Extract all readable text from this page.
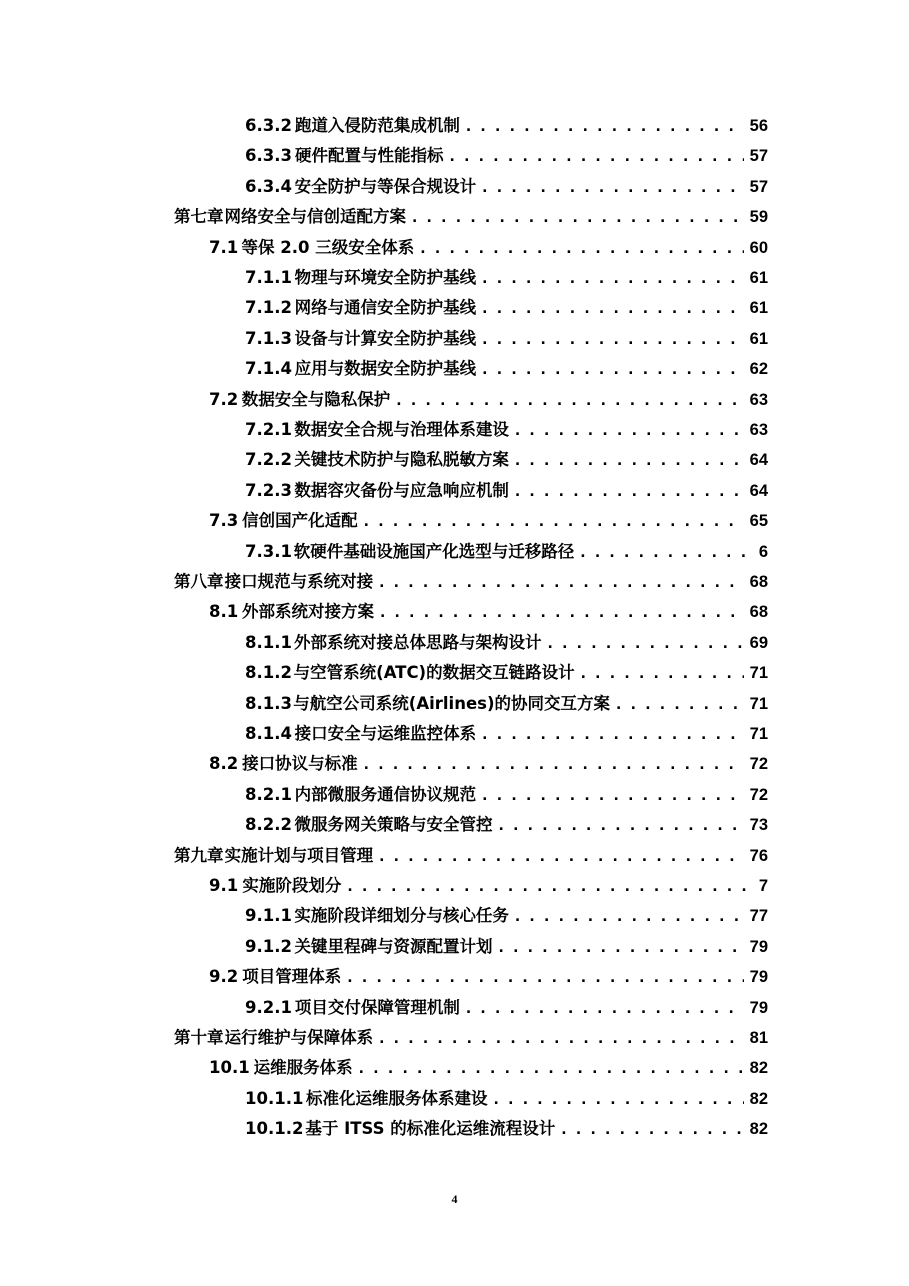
6.3.2 跑道入侵防范集成机制 . . .	56
6.3.3 硬件配置与性能指标 . . .	57
6.3.4 安全防护与等保合规设计 . . .	57
第七章 网络安全与信创适配方案 . . .	59
7.1 等保 2.0 三级安全体系 . . .	60
7.1.1 物理与环境安全防护基线 . . .	61
7.1.2 网络与通信安全防护基线 . . .	61
7.1.3 设备与计算安全防护基线 . . .	61
7.1.4 应用与数据安全防护基线 . . .	62
7.2 数据安全与隐私保护 . . .	63
7.2.1 数据安全合规与治理体系建设 . . .	63
7.2.2 关键技术防护与隐私脱敏方案 . . .	64
7.2.3 数据容灾备份与应急响应机制 . . .	64
7.3 信创国产化适配 . . .	65
7.3.1 软硬件基础设施国产化选型与迁移路径 . . .	6
第八章 接口规范与系统对接 . . .	68
8.1 外部系统对接方案 . . .	68
8.1.1 外部系统对接总体思路与架构设计 . . .	69
8.1.2 与空管系统(ATC)的数据交互链路设计 . . .	71
8.1.3 与航空公司系统(Airlines)的协同交互方案 . . .	71
8.1.4 接口安全与运维监控体系 . . .	71
8.2 接口协议与标准 . . .	72
8.2.1 内部微服务通信协议规范 . . .	72
8.2.2 微服务网关策略与安全管控 . . .	73
第九章 实施计划与项目管理 . . .	76
9.1 实施阶段划分 . . .	7
9.1.1 实施阶段详细划分与核心任务 . . .	77
9.1.2 关键里程碑与资源配置计划 . . .	79
9.2 项目管理体系 . . .	79
9.2.1 项目交付保障管理机制 . . .	79
第十章 运行维护与保障体系 . . .	81
10.1 运维服务体系 . . .	82
10.1.1 标准化运维服务体系建设 . . .	82
10.1.2 基于 ITSS 的标准化运维流程设计 . . .	82
4
